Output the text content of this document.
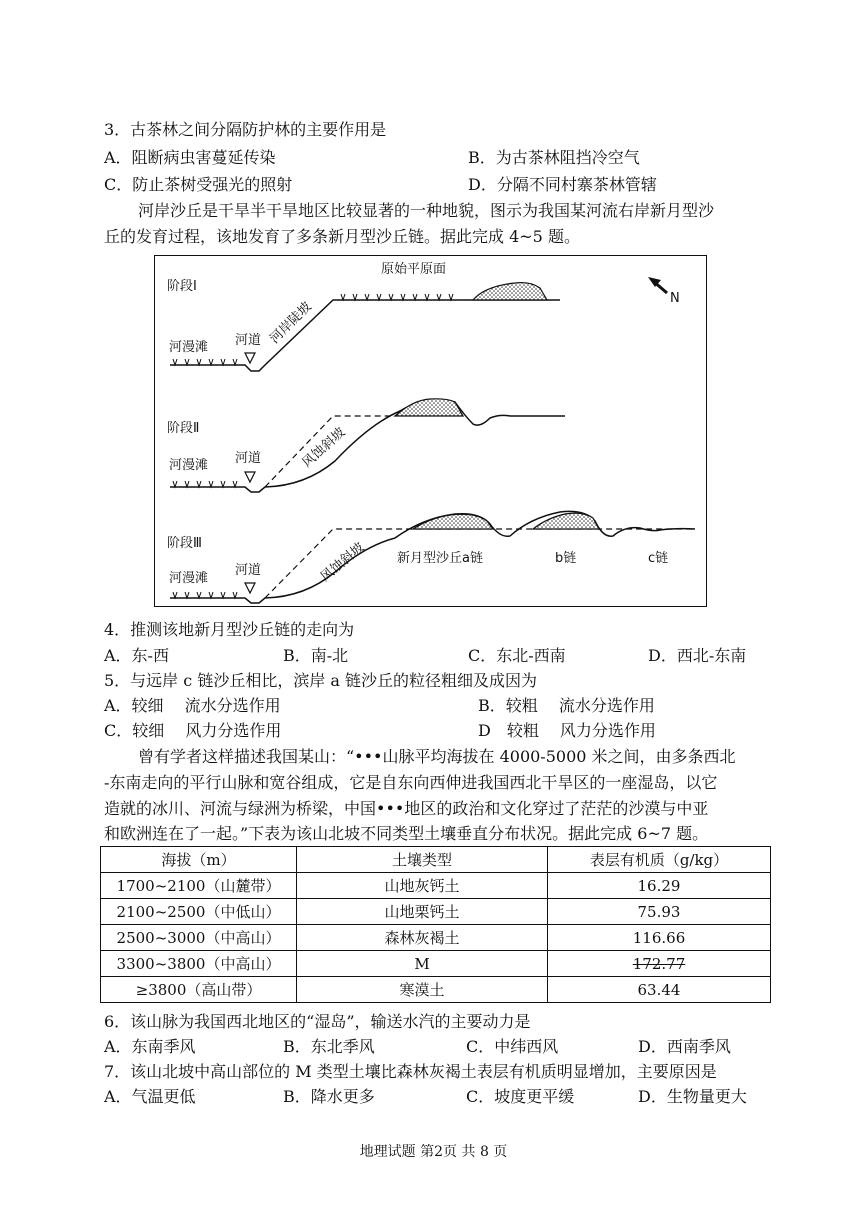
3．古茶林之间分隔防护林的主要作用是
A．阻断病虫害蔓延传染	B．为古茶林阻挡冷空气
C．防止茶树受强光的照射	D．分隔不同村寨茶林管辖
河岸沙丘是干旱半干旱地区比较显著的一种地貌，图示为我国某河流右岸新月型沙
丘的发育过程，该地发育了多条新月型沙丘链。据此完成 4~5 题。
阶段Ⅰ
原始平原面
N
河漫滩 河道 河岸陡坡
阶段Ⅱ
河漫滩 河道	风蚀斜坡
阶段Ⅲ
河漫滩
河道	风蚀斜坡 新月型沙丘a链	b链	c链
4．推测该地新月型沙丘链的走向为
A．东-西	B．南-北	C．东北-西南	D．西北-东南
5．与远岸 c 链沙丘相比，滨岸 a 链沙丘的粒径粗细及成因为
A．较细　 流水分选作用	B．较粗　 流水分选作用
C．较细　 风力分选作用	D　较粗　 风力分选作用
曾有学者这样描述我国某山：“•••山脉平均海拔在 4000-5000 米之间，由多条西北
-东南走向的平行山脉和宽谷组成，它是自东向西伸进我国西北干旱区的一座湿岛，以它
造就的冰川、河流与绿洲为桥梁，中国•••地区的政治和文化穿过了茫茫的沙漠与中亚
和欧洲连在了一起。”下表为该山北坡不同类型土壤垂直分布状况。据此完成 6~7 题。
海拔（m）	土壤类型	表层有机质（g/kg）
1700~2100（山麓带）	山地灰钙土	16.29
2100~2500（中低山）	山地栗钙土	75.93
2500~3000（中高山）	森林灰褐土	116.66
3300~3800（中高山）	M	172.77
≥3800（高山带）	寒漠土	63.44
6．该山脉为我国西北地区的“湿岛”，输送水汽的主要动力是
A．东南季风	B．东北季风	C．中纬西风	D．西南季风
7．该山北坡中高山部位的 M 类型土壤比森林灰褐土表层有机质明显增加，主要原因是
A．气温更低	B．降水更多	C．坡度更平缓	D．生物量更大
地理试题 第2页 共 8 页
